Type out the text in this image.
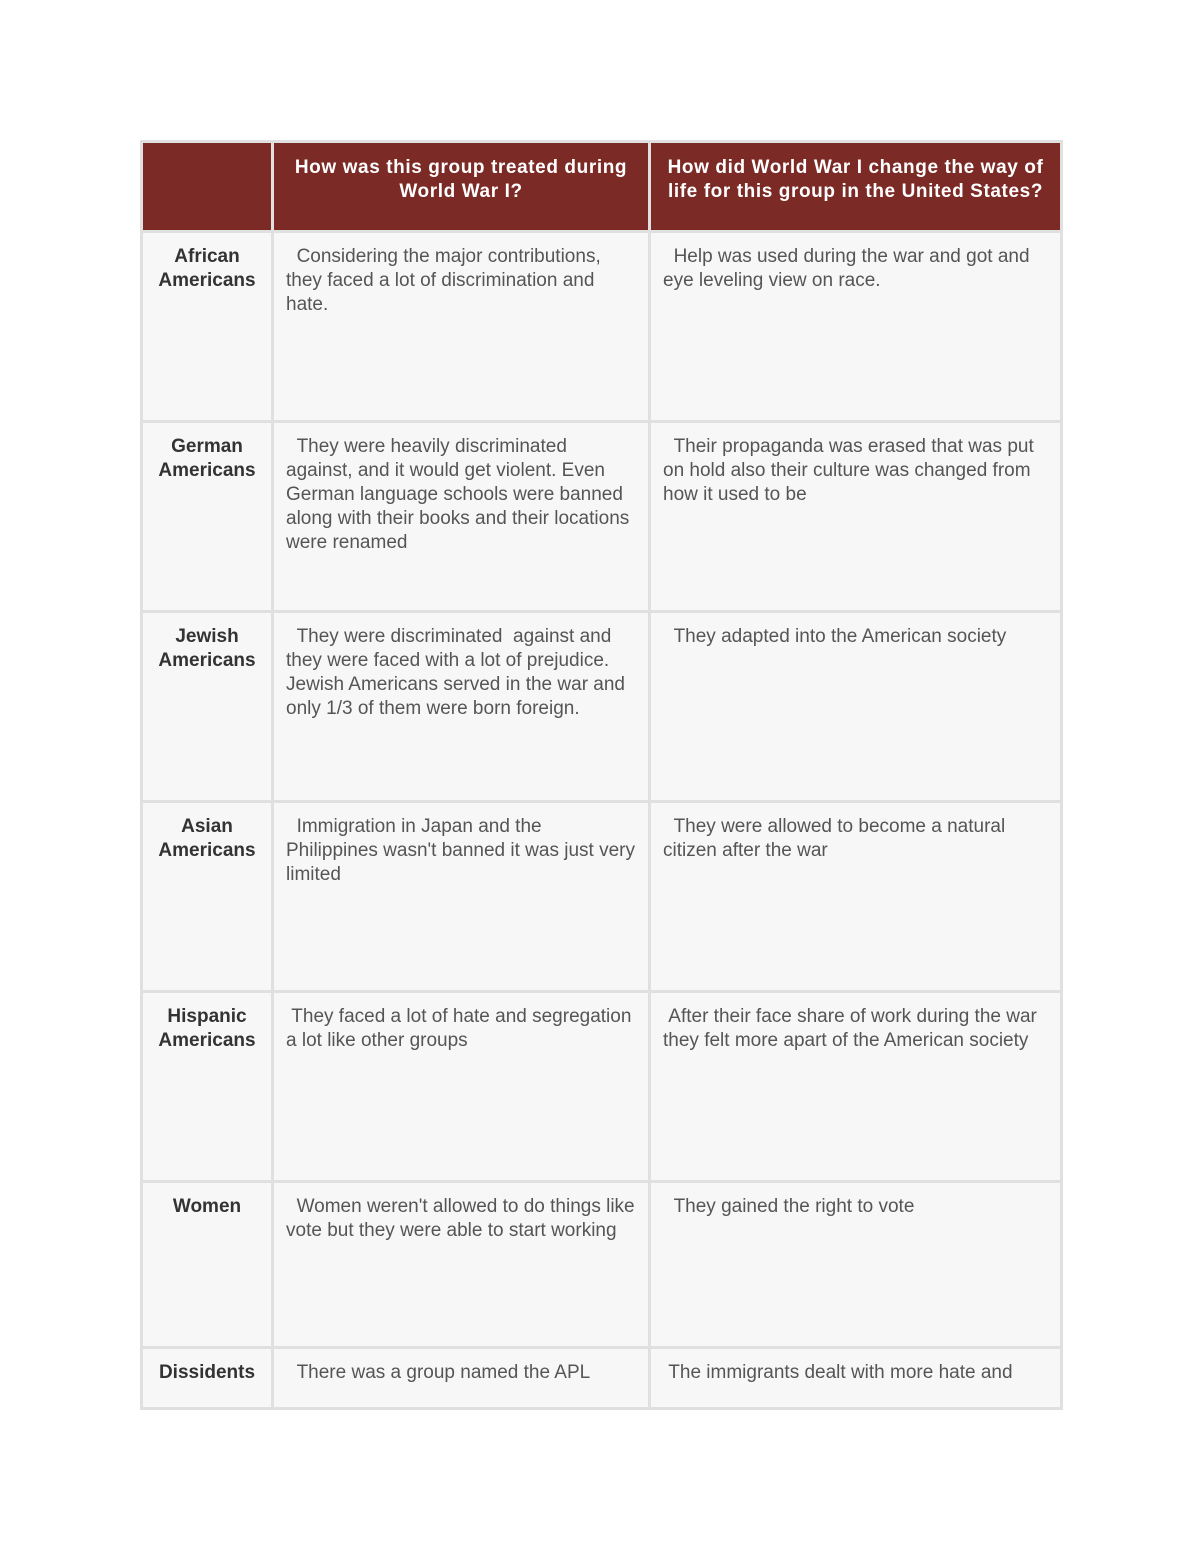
	How was this group treated during World War I?	How did World War I change the way of life for this group in the United States?

African Americans	Considering the major contributions, they faced a lot of discrimination and hate.	Help was used during the war and got and eye leveling view on race.

German Americans	They were heavily discriminated against, and it would get violent. Even German language schools were banned along with their books and their locations were renamed	Their propaganda was erased that was put on hold also their culture was changed from how it used to be

Jewish Americans	They were discriminated  against and they were faced with a lot of prejudice. Jewish Americans served in the war and only 1/3 of them were born foreign.	They adapted into the American society

Asian Americans	Immigration in Japan and the Philippines wasn't banned it was just very limited	They were allowed to become a natural citizen after the war

Hispanic Americans	They faced a lot of hate and segregation a lot like other groups	After their face share of work during the war they felt more apart of the American society

Women	Women weren't allowed to do things like vote but they were able to start working	They gained the right to vote

Dissidents	There was a group named the APL	The immigrants dealt with more hate and
